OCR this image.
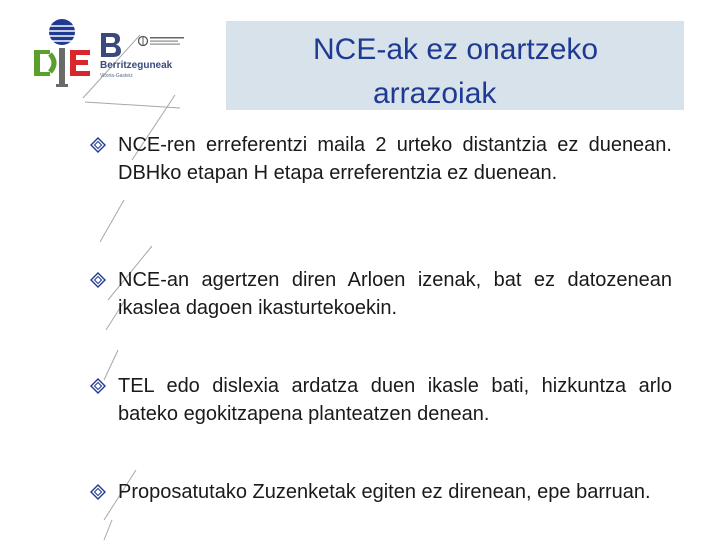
Berritzeguneak
Vitoria-Gasteiz
NCE-ak ez onartzeko
arrazoiak
NCE-ren erreferentzi maila 2 urteko distantzia ez duenean. DBHko etapan H etapa erreferentzia ez duenean.
NCE-an agertzen diren Arloen izenak, bat ez datozenean ikaslea dagoen ikasturtekoekin.
TEL edo dislexia ardatza duen ikasle bati, hizkuntza arlo bateko egokitzapena planteatzen denean.
Proposatutako Zuzenketak egiten ez direnean, epe barruan.
